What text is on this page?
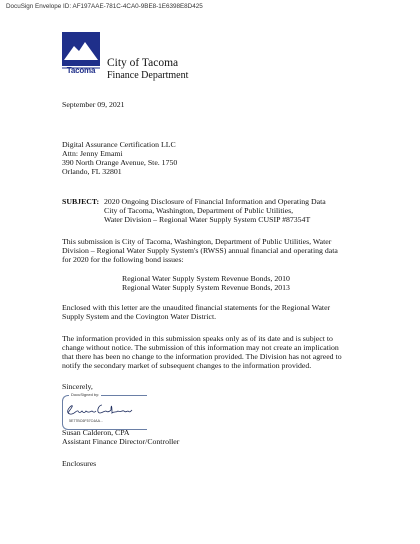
DocuSign Envelope ID: AF197AAE-781C-4CA0-9BE8-1E6398E8D425
Tacoma
City of Tacoma
Finance Department
September 09, 2021
Digital Assurance Certification LLC
Attn: Jenny Emami
390 North Orange Avenue, Ste. 1750
Orlando, FL 32801
SUBJECT: 2020 Ongoing Disclosure of Financial Information and Operating Data
City of Tacoma, Washington, Department of Public Utilities,
Water Division – Regional Water Supply System CUSIP #87354T
This submission is City of Tacoma, Washington, Department of Public Utilities, Water
Division – Regional Water Supply System's (RWSS) annual financial and operating data
for 2020 for the following bond issues:
Regional Water Supply System Revenue Bonds, 2010
Regional Water Supply System Revenue Bonds, 2013
Enclosed with this letter are the unaudited financial statements for the Regional Water
Supply System and the Covington Water District.
The information provided in this submission speaks only as of its date and is subject to
change without notice. The submission of this information may not create an implication
that there has been no change to the information provided. The Division has not agreed to
notify the secondary market of subsequent changes to the information provided.
Sincerely,
DocuSigned by:
5E77BC6F57C4AA...
Susan Calderon, CPA
Assistant Finance Director/Controller
Enclosures
